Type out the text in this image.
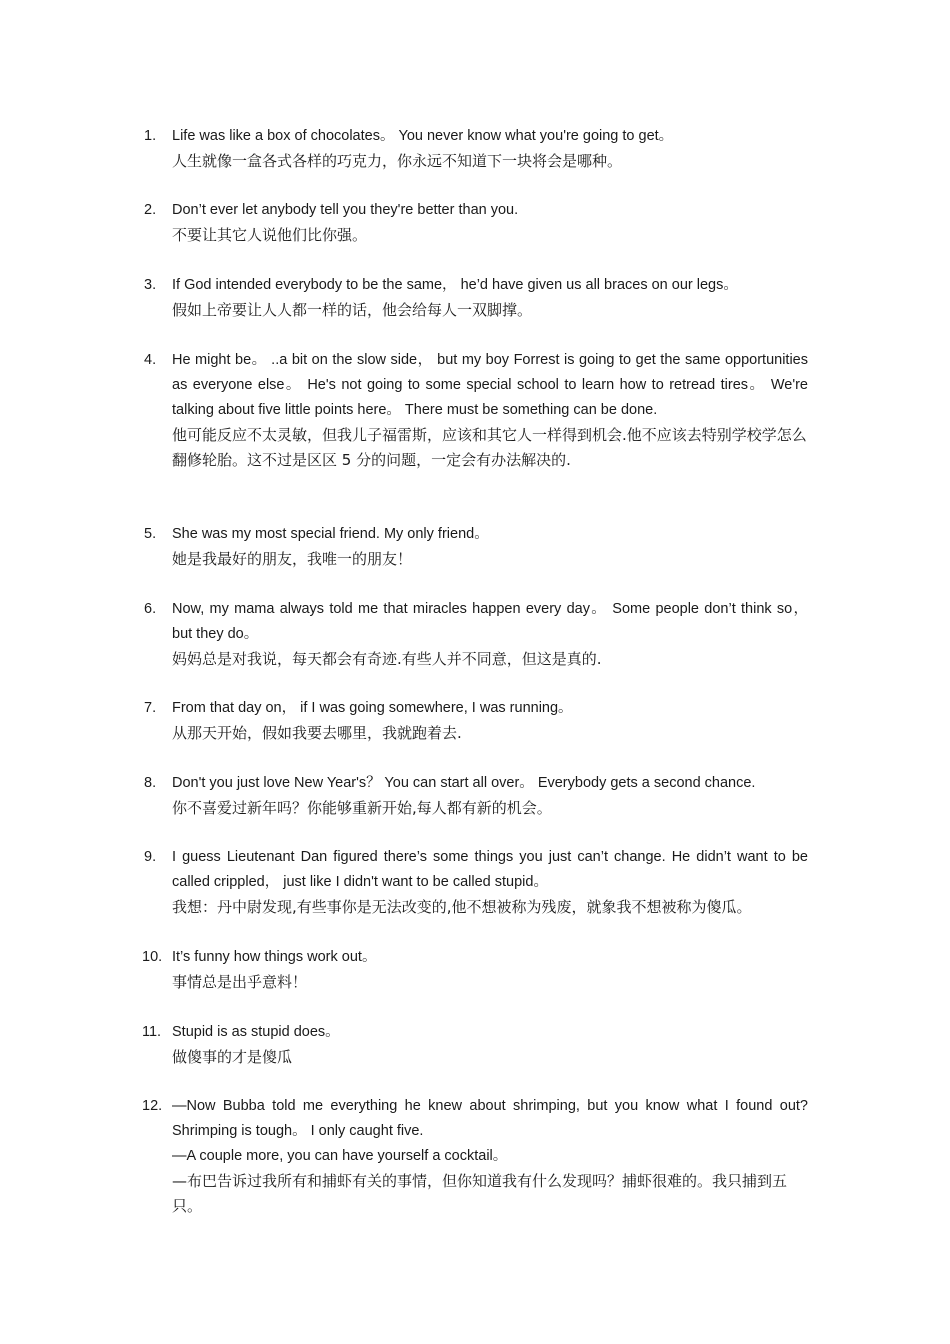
1. Life was like a box of chocolates。 You never know what you're going to get。
人生就像一盒各式各样的巧克力，你永远不知道下一块将会是哪种。
2. Don’t ever let anybody tell you they're better than you.
不要让其它人说他们比你强。
3. If God intended everybody to be the same， he’d have given us all braces on our legs。
假如上帝要让人人都一样的话，他会给每人一双脚撑。
4. He might be。 ..a bit on the slow side， but my boy Forrest is going to get the same opportunities as everyone else。 He's not going to some special school to learn how to retread tires。 We're talking about five little points here。 There must be something can be done.
他可能反应不太灵敏，但我儿子福雷斯，应该和其它人一样得到机会.他不应该去特别学校学怎么翻修轮胎。这不过是区区 5 分的问题，一定会有办法解决的.
5. She was my most special friend. My only friend。
她是我最好的朋友，我唯一的朋友！
6. Now, my mama always told me that miracles happen every day。 Some people don’t think so， but they do。
妈妈总是对我说，每天都会有奇迹.有些人并不同意，但这是真的.
7. From that day on， if I was going somewhere, I was running。
从那天开始，假如我要去哪里，我就跑着去.
8. Don't you just love New Year's？ You can start all over。 Everybody gets a second chance.
你不喜爱过新年吗？你能够重新开始,每人都有新的机会。
9. I guess Lieutenant Dan figured there’s some things you just can’t change. He didn’t want to be called crippled， just like I didn't want to be called stupid。
我想：丹中尉发现,有些事你是无法改变的,他不想被称为残废，就象我不想被称为傻瓜。
10. It’s funny how things work out。
事情总是出乎意料！
11. Stupid is as stupid does。
做傻事的才是傻瓜
12. —Now Bubba told me everything he knew about shrimping, but you know what I found out? Shrimping is tough。 I only caught five.
—A couple more, you can have yourself a cocktail。
—布巴告诉过我所有和捕虾有关的事情，但你知道我有什么发现吗？捕虾很难的。我只捕到五只。
